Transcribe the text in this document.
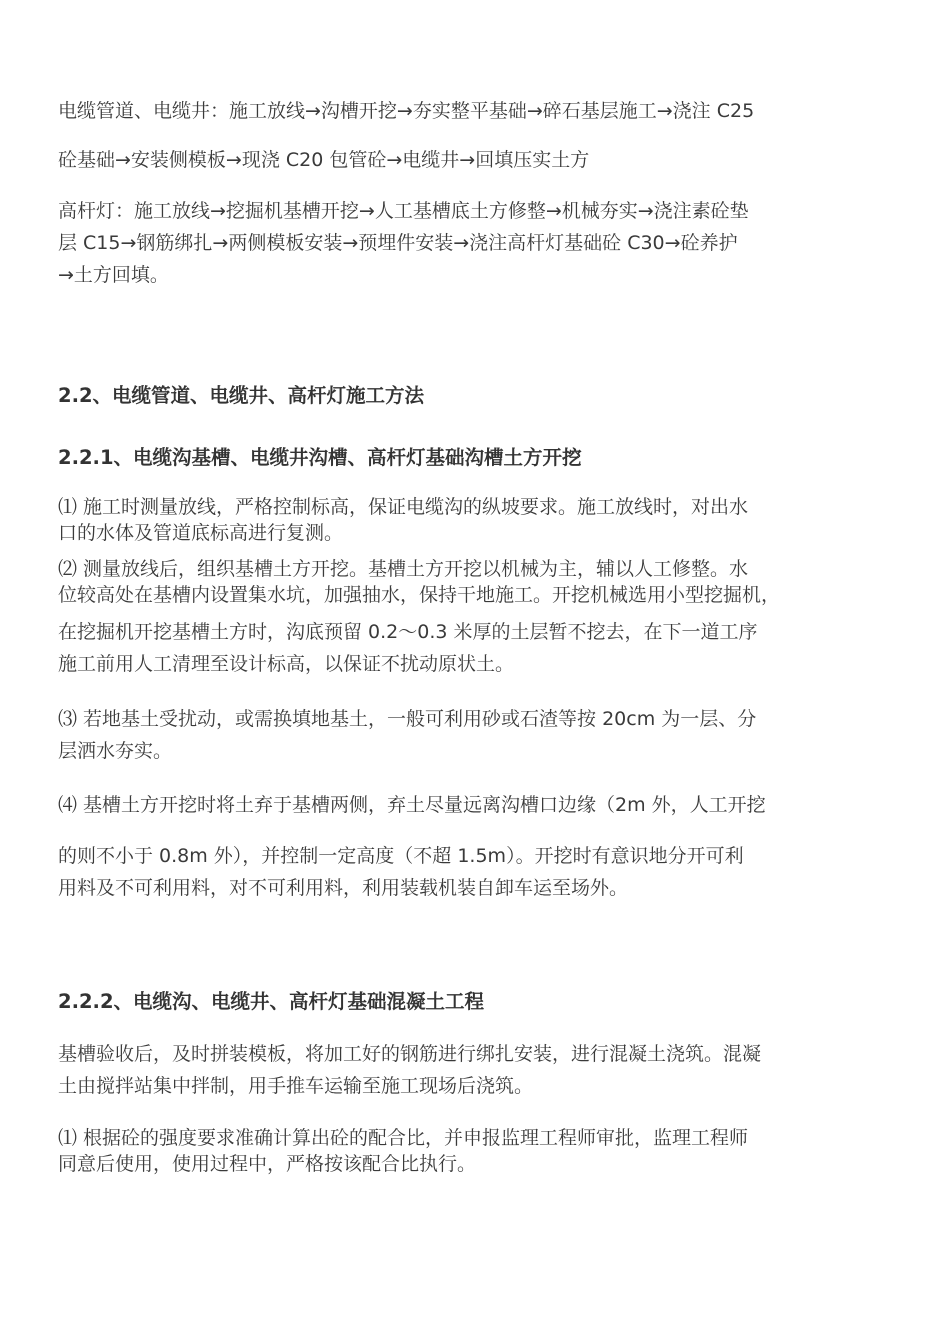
电缆管道、电缆井：施工放线→沟槽开挖→夯实整平基础→碎石基层施工→浇注 C25
砼基础→安装侧模板→现浇 C20 包管砼→电缆井→回填压实土方

高杆灯：施工放线→挖掘机基槽开挖→人工基槽底土方修整→机械夯实→浇注素砼垫
层 C15→钢筋绑扎→两侧模板安装→预埋件安装→浇注高杆灯基础砼 C30→砼养护
→土方回填。

2.2、电缆管道、电缆井、高杆灯施工方法
2.2.1、电缆沟基槽、电缆井沟槽、高杆灯基础沟槽土方开挖

⑴ 施工时测量放线，严格控制标高，保证电缆沟的纵坡要求。施工放线时，对出水
口的水体及管道底标高进行复测。

⑵ 测量放线后，组织基槽土方开挖。基槽土方开挖以机械为主，辅以人工修整。水
位较高处在基槽内设置集水坑，加强抽水，保持干地施工。开挖机械选用小型挖掘机，

在挖掘机开挖基槽土方时，沟底预留 0.2～0.3 米厚的土层暂不挖去，在下一道工序
施工前用人工清理至设计标高，以保证不扰动原状土。

⑶ 若地基土受扰动，或需换填地基土，一般可利用砂或石渣等按 20cm 为一层、分
层洒水夯实。

⑷ 基槽土方开挖时将土弃于基槽两侧，弃土尽量远离沟槽口边缘（2m 外，人工开挖

的则不小于 0.8m 外），并控制一定高度（不超 1.5m）。开挖时有意识地分开可利
用料及不可利用料，对不可利用料，利用装载机装自卸车运至场外。

2.2.2、电缆沟、电缆井、高杆灯基础混凝土工程

基槽验收后，及时拼装模板，将加工好的钢筋进行绑扎安装，进行混凝土浇筑。混凝
土由搅拌站集中拌制，用手推车运输至施工现场后浇筑。

⑴ 根据砼的强度要求准确计算出砼的配合比，并申报监理工程师审批，监理工程师
同意后使用，使用过程中，严格按该配合比执行。
